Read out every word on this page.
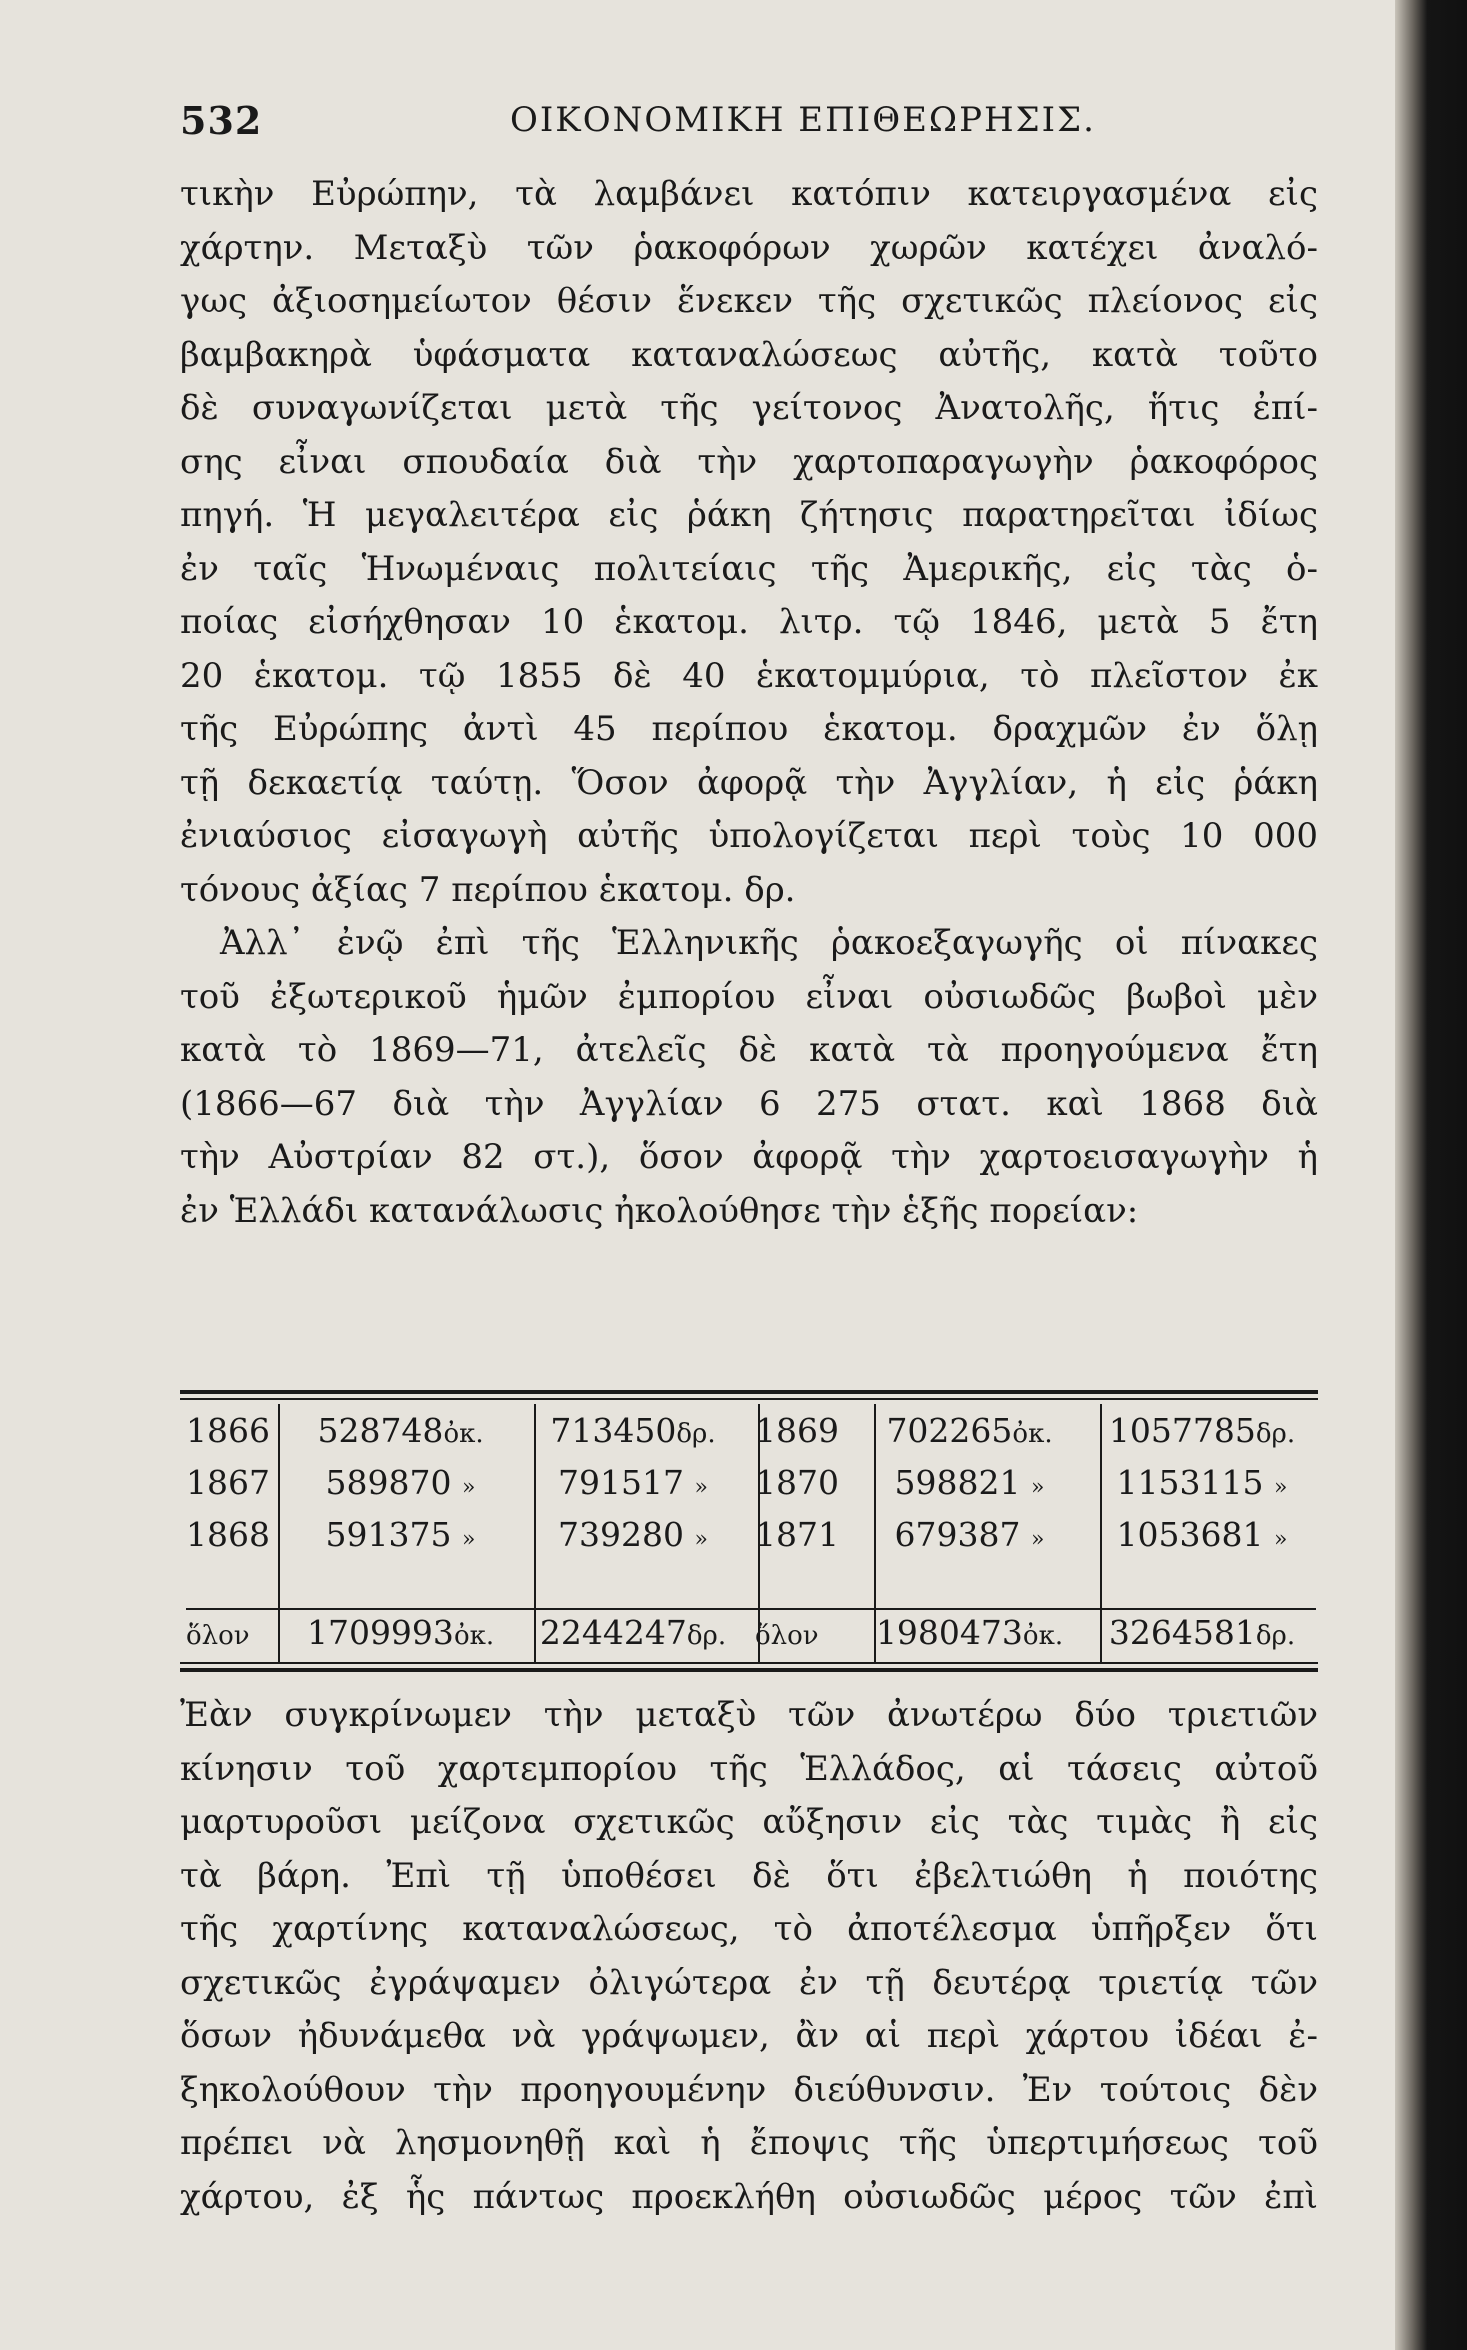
532	ΟΙΚΟΝΟΜΙΚΗ ΕΠΙΘΕΩΡΗΣΙΣ.
τικὴν Εὐρώπην, τὰ λαμβάνει κατόπιν κατειργασμένα εἰς
χάρτην. Μεταξὺ τῶν ῥακοφόρων χωρῶν κατέχει ἀναλό-
γως ἀξιοσημείωτον θέσιν ἕνεκεν τῆς σχετικῶς πλείονος εἰς
βαμβακηρὰ ὑφάσματα καταναλώσεως αὐτῆς, κατὰ τοῦτο
δὲ συναγωνίζεται μετὰ τῆς γείτονος Ἀνατολῆς, ἥτις ἐπί-
σης εἶναι σπουδαία διὰ τὴν χαρτοπαραγωγὴν ῥακοφόρος
πηγή. Ἡ μεγαλειτέρα εἰς ῥάκη ζήτησις παρατηρεῖται ἰδίως
ἐν ταῖς Ἡνωμέναις πολιτείαις τῆς Ἀμερικῆς, εἰς τὰς ὁ-
ποίας εἰσήχθησαν 10 ἑκατομ. λιτρ. τῷ 1846, μετὰ 5 ἔτη
20 ἑκατομ. τῷ 1855 δὲ 40 ἑκατομμύρια, τὸ πλεῖστον ἐκ
τῆς Εὐρώπης ἀντὶ 45 περίπου ἑκατομ. δραχμῶν ἐν ὅλῃ
τῇ δεκαετίᾳ ταύτῃ. Ὅσον ἀφορᾷ τὴν Ἀγγλίαν, ἡ εἰς ῥάκη
ἐνιαύσιος εἰσαγωγὴ αὐτῆς ὑπολογίζεται περὶ τοὺς 10 000
τόνους ἀξίας 7 περίπου ἑκατομ. δρ.
Ἀλλ᾽ ἐνῷ ἐπὶ τῆς Ἑλληνικῆς ῥακοεξαγωγῆς οἱ πίνακες
τοῦ ἐξωτερικοῦ ἡμῶν ἐμπορίου εἶναι οὐσιωδῶς βωβοὶ μὲν
κατὰ τὸ 1869—71, ἀτελεῖς δὲ κατὰ τὰ προηγούμενα ἔτη
(1866—67 διὰ τὴν Ἀγγλίαν 6 275 στατ. καὶ 1868 διὰ
τὴν Αὐστρίαν 82 στ.), ὅσον ἀφορᾷ τὴν χαρτοεισαγωγὴν ἡ
ἐν Ἑλλάδι κατανάλωσις ἠκολούθησε τὴν ἑξῆς πορείαν:
1866	528748ὀκ.	713450δρ.	1869	702265ὀκ.	1057785δρ.
1867	589870 »	791517 »	1870	598821 »	1153115 »
1868	591375 »	739280 »	1871	679387 »	1053681 »
ὅλον	1709993ὀκ.	2244247δρ.	ὅλον	1980473ὀκ.	3264581δρ.
Ἐὰν συγκρίνωμεν τὴν μεταξὺ τῶν ἀνωτέρω δύο τριετιῶν
κίνησιν τοῦ χαρτεμπορίου τῆς Ἑλλάδος, αἱ τάσεις αὐτοῦ
μαρτυροῦσι μείζονα σχετικῶς αὔξησιν εἰς τὰς τιμὰς ἢ εἰς
τὰ βάρη. Ἐπὶ τῇ ὑποθέσει δὲ ὅτι ἐβελτιώθη ἡ ποιότης
τῆς χαρτίνης καταναλώσεως, τὸ ἀποτέλεσμα ὑπῆρξεν ὅτι
σχετικῶς ἐγράψαμεν ὀλιγώτερα ἐν τῇ δευτέρᾳ τριετίᾳ τῶν
ὅσων ἠδυνάμεθα νὰ γράψωμεν, ἂν αἱ περὶ χάρτου ἰδέαι ἐ-
ξηκολούθουν τὴν προηγουμένην διεύθυνσιν. Ἐν τούτοις δὲν
πρέπει νὰ λησμονηθῇ καὶ ἡ ἔποψις τῆς ὑπερτιμήσεως τοῦ
χάρτου, ἐξ ἧς πάντως προεκλήθη οὐσιωδῶς μέρος τῶν ἐπὶ
